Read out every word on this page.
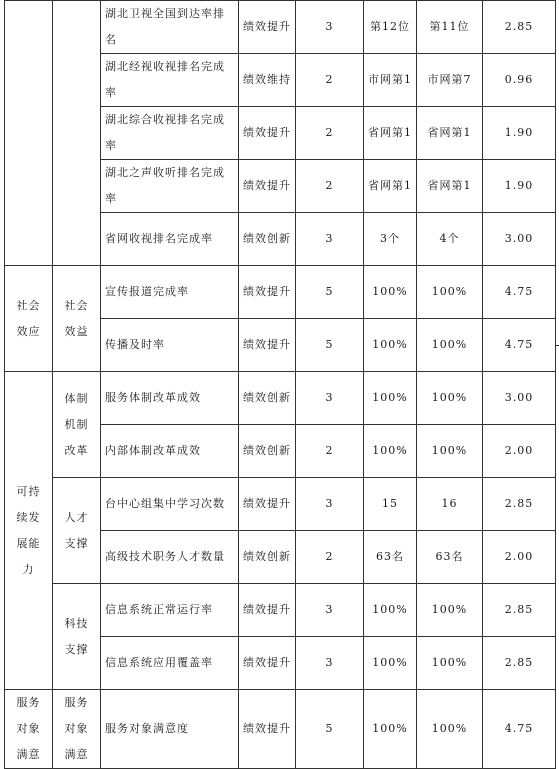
		湖北卫视全国到达率排名	绩效提升	3	第12位	第11位	2.85
		湖北经视收视排名完成率	绩效维持	2	市网第1	市网第7	0.96
		湖北综合收视排名完成率	绩效提升	2	省网第1	省网第1	1.90
		湖北之声收听排名完成率	绩效提升	2	省网第1	省网第1	1.90
		省网收视排名完成率	绩效创新	3	3个	4个	3.00
社会效应	社会效益	宣传报道完成率	绩效提升	5	100%	100%	4.75
		传播及时率	绩效提升	5	100%	100%	4.75
可持续发展能力	体制机制改革	服务体制改革成效	绩效创新	3	100%	100%	3.00
		内部体制改革成效	绩效创新	2	100%	100%	2.00
	人才支撑	台中心组集中学习次数	绩效提升	3	15	16	2.85
		高级技术职务人才数量	绩效创新	2	63名	63名	2.00
	科技支撑	信息系统正常运行率	绩效提升	3	100%	100%	2.85
		信息系统应用覆盖率	绩效提升	3	100%	100%	2.85
服务对象满意	服务对象满意	服务对象满意度	绩效提升	5	100%	100%	4.75
